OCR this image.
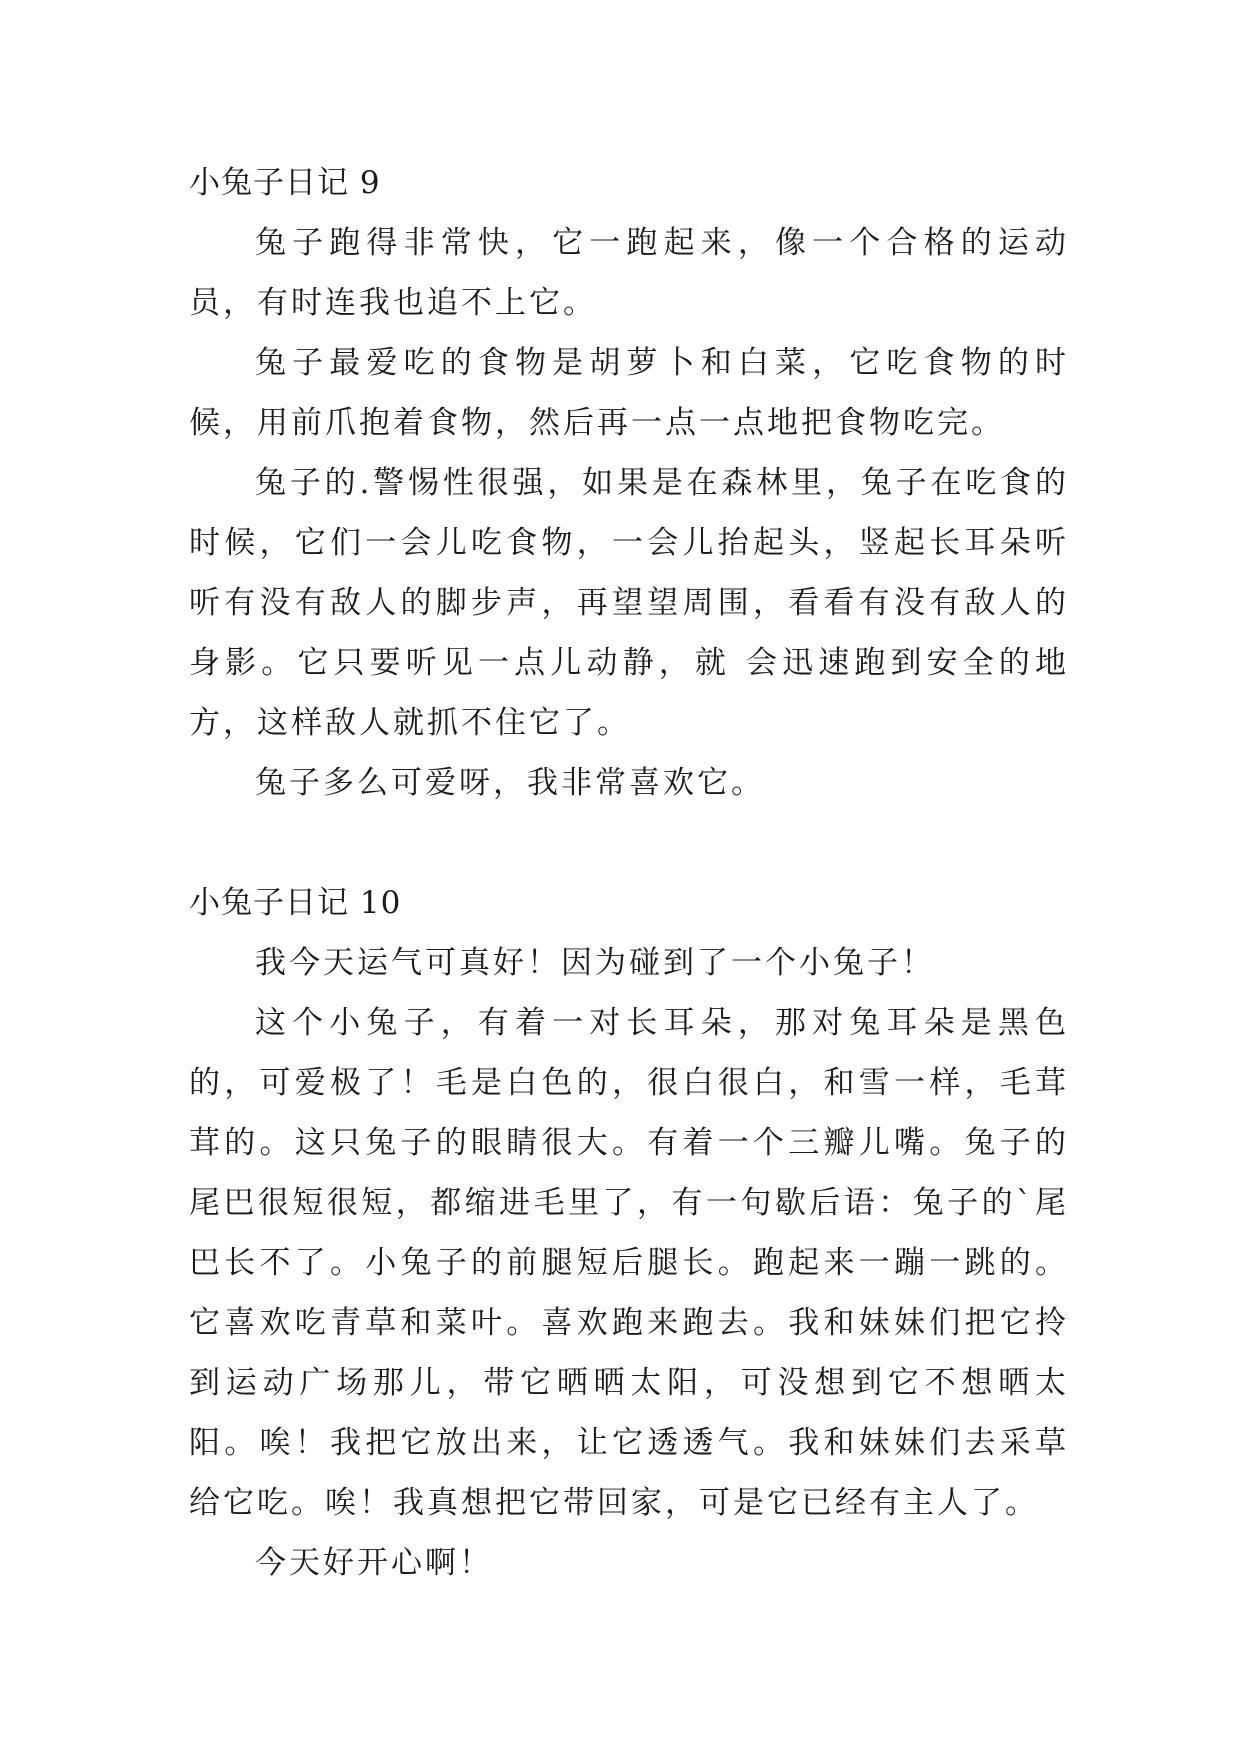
小兔子日记 9

兔子跑得非常快，它一跑起来，像一个合格的运动员，有时连我也追不上它。

兔子最爱吃的食物是胡萝卜和白菜，它吃食物的时候，用前爪抱着食物，然后再一点一点地把食物吃完。

兔子的.警惕性很强，如果是在森林里，兔子在吃食的时候，它们一会儿吃食物，一会儿抬起头，竖起长耳朵听听有没有敌人的脚步声，再望望周围，看看有没有敌人的身影。它只要听见一点儿动静，就 会迅速跑到安全的地方，这样敌人就抓不住它了。

兔子多么可爱呀，我非常喜欢它。

小兔子日记 10

我今天运气可真好！因为碰到了一个小兔子！

这个小兔子，有着一对长耳朵，那对兔耳朵是黑色的，可爱极了！毛是白色的，很白很白，和雪一样，毛茸茸的。这只兔子的眼睛很大。有着一个三瓣儿嘴。兔子的尾巴很短很短，都缩进毛里了，有一句歇后语：兔子的`尾巴长不了。小兔子的前腿短后腿长。跑起来一蹦一跳的。它喜欢吃青草和菜叶。喜欢跑来跑去。我和妹妹们把它拎到运动广场那儿，带它晒晒太阳，可没想到它不想晒太阳。唉！我把它放出来，让它透透气。我和妹妹们去采草给它吃。唉！我真想把它带回家，可是它已经有主人了。

今天好开心啊！
